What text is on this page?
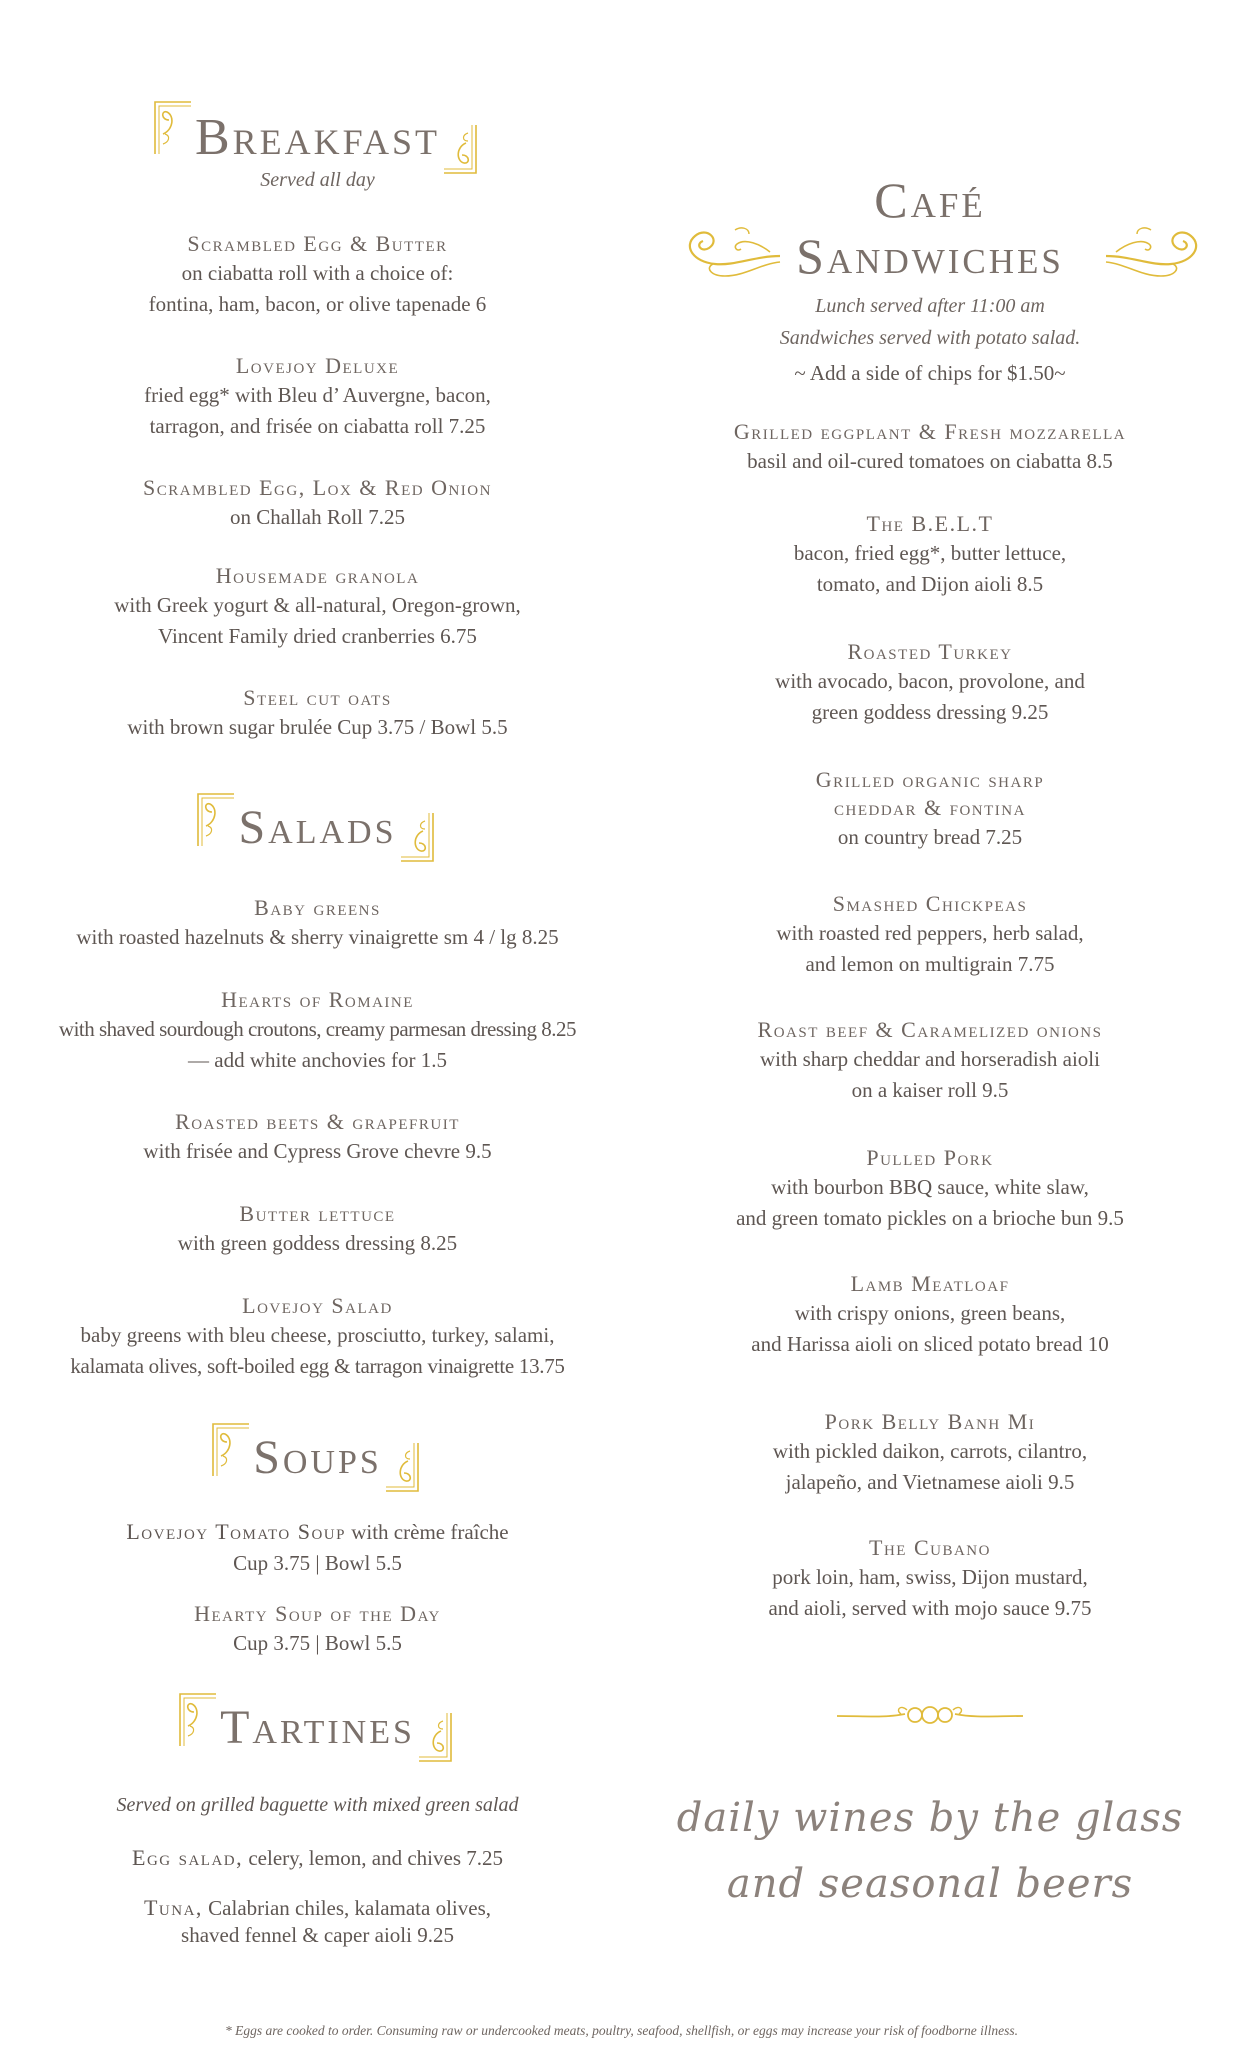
Breakfast
Served all day
Scrambled Egg & Butter
on ciabatta roll with a choice of:
fontina, ham, bacon, or olive tapenade 6
Lovejoy Deluxe
fried egg* with Bleu d’ Auvergne, bacon,
tarragon, and frisée on ciabatta roll 7.25
Scrambled Egg, Lox & Red Onion
on Challah Roll 7.25
Housemade granola
with Greek yogurt & all-natural, Oregon-grown,
Vincent Family dried cranberries 6.75
Steel cut oats
with brown sugar brulée Cup 3.75 / Bowl 5.5
Salads
Baby greens
with roasted hazelnuts & sherry vinaigrette sm 4 / lg 8.25
Hearts of Romaine
with shaved sourdough croutons, creamy parmesan dressing 8.25
— add white anchovies for 1.5
Roasted beets & grapefruit
with frisée and Cypress Grove chevre 9.5
Butter lettuce
with green goddess dressing 8.25
Lovejoy Salad
baby greens with bleu cheese, prosciutto, turkey, salami,
kalamata olives, soft-boiled egg & tarragon vinaigrette 13.75
Soups
Lovejoy Tomato Soup with crème fraîche
Cup 3.75 | Bowl 5.5
Hearty Soup of the Day
Cup 3.75 | Bowl 5.5
Tartines
Served on grilled baguette with mixed green salad
Egg salad, celery, lemon, and chives 7.25
Tuna, Calabrian chiles, kalamata olives,
shaved fennel & caper aioli 9.25
Café
Sandwiches
Lunch served after 11:00 am
Sandwiches served with potato salad.
~ Add a side of chips for $1.50~
Grilled eggplant & Fresh mozzarella
basil and oil-cured tomatoes on ciabatta 8.5
The B.E.L.T
bacon, fried egg*, butter lettuce,
tomato, and Dijon aioli 8.5
Roasted Turkey
with avocado, bacon, provolone, and
green goddess dressing 9.25
Grilled organic sharp
cheddar & fontina
on country bread 7.25
Smashed Chickpeas
with roasted red peppers, herb salad,
and lemon on multigrain 7.75
Roast beef & Caramelized onions
with sharp cheddar and horseradish aioli
on a kaiser roll 9.5
Pulled Pork
with bourbon BBQ sauce, white slaw,
and green tomato pickles on a brioche bun 9.5
Lamb Meatloaf
with crispy onions, green beans,
and Harissa aioli on sliced potato bread 10
Pork Belly Banh Mi
with pickled daikon, carrots, cilantro,
jalapeño, and Vietnamese aioli 9.5
The Cubano
pork loin, ham, swiss, Dijon mustard,
and aioli, served with mojo sauce 9.75
daily wines by the glass
and seasonal beers
* Eggs are cooked to order. Consuming raw or undercooked meats, poultry, seafood, shellfish, or eggs may increase your risk of foodborne illness.
